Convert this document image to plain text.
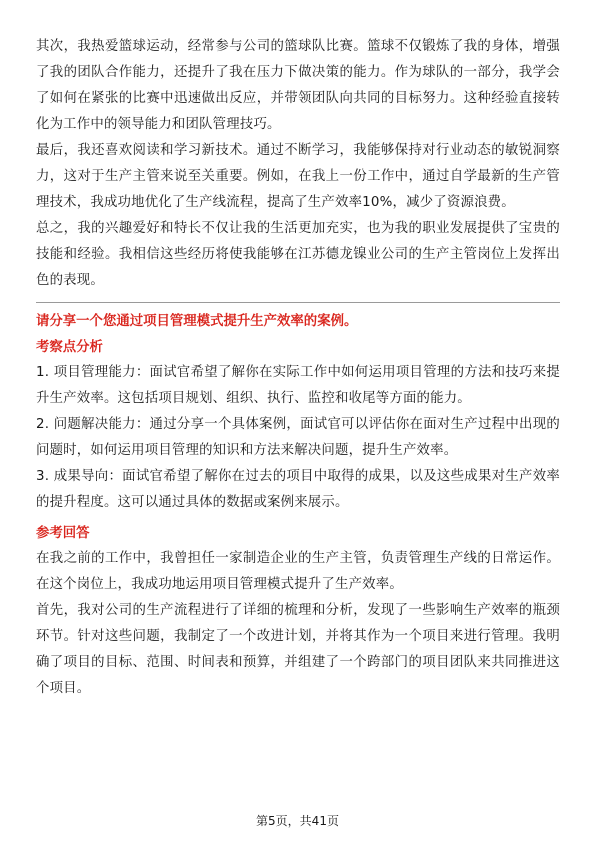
其次，我热爱篮球运动，经常参与公司的篮球队比赛。篮球不仅锻炼了我的身体，增强了我的团队合作能力，还提升了我在压力下做决策的能力。作为球队的一部分，我学会了如何在紧张的比赛中迅速做出反应，并带领团队向共同的目标努力。这种经验直接转化为工作中的领导能力和团队管理技巧。

最后，我还喜欢阅读和学习新技术。通过不断学习，我能够保持对行业动态的敏锐洞察力，这对于生产主管来说至关重要。例如，在我上一份工作中，通过自学最新的生产管理技术，我成功地优化了生产线流程，提高了生产效率10%，减少了资源浪费。

总之，我的兴趣爱好和特长不仅让我的生活更加充实，也为我的职业发展提供了宝贵的技能和经验。我相信这些经历将使我能够在江苏德龙镍业公司的生产主管岗位上发挥出色的表现。

请分享一个您通过项目管理模式提升生产效率的案例。

考察点分析

1. 项目管理能力：面试官希望了解你在实际工作中如何运用项目管理的方法和技巧来提升生产效率。这包括项目规划、组织、执行、监控和收尾等方面的能力。

2. 问题解决能力：通过分享一个具体案例，面试官可以评估你在面对生产过程中出现的问题时，如何运用项目管理的知识和方法来解决问题，提升生产效率。

3. 成果导向：面试官希望了解你在过去的项目中取得的成果，以及这些成果对生产效率的提升程度。这可以通过具体的数据或案例来展示。

参考回答

在我之前的工作中，我曾担任一家制造企业的生产主管，负责管理生产线的日常运作。在这个岗位上，我成功地运用项目管理模式提升了生产效率。

首先，我对公司的生产流程进行了详细的梳理和分析，发现了一些影响生产效率的瓶颈环节。针对这些问题，我制定了一个改进计划，并将其作为一个项目来进行管理。我明确了项目的目标、范围、时间表和预算，并组建了一个跨部门的项目团队来共同推进这个项目。

第5页，共41页
